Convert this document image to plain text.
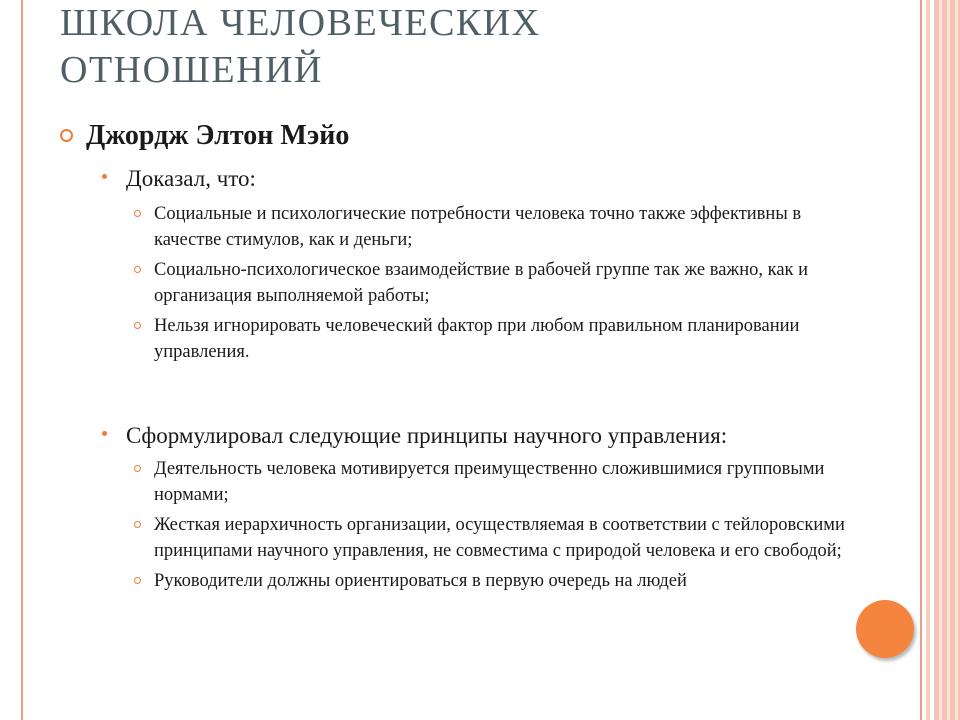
ШКОЛА ЧЕЛОВЕЧЕСКИХ
ОТНОШЕНИЙ
Джордж Элтон Мэйо
Доказал, что:
Социальные и психологические потребности человека точно также эффективны в качестве стимулов, как и деньги;
Социально-психологическое взаимодействие в рабочей группе так же важно, как и организация выполняемой работы;
Нельзя игнорировать человеческий фактор при любом правильном планировании управления.
Сформулировал следующие принципы научного управления:
Деятельность человека мотивируется преимущественно сложившимися групповыми нормами;
Жесткая иерархичность организации, осуществляемая в соответствии с тейлоровскими принципами научного управления, не совместима с природой человека и его свободой;
Руководители должны ориентироваться в первую очередь на людей
